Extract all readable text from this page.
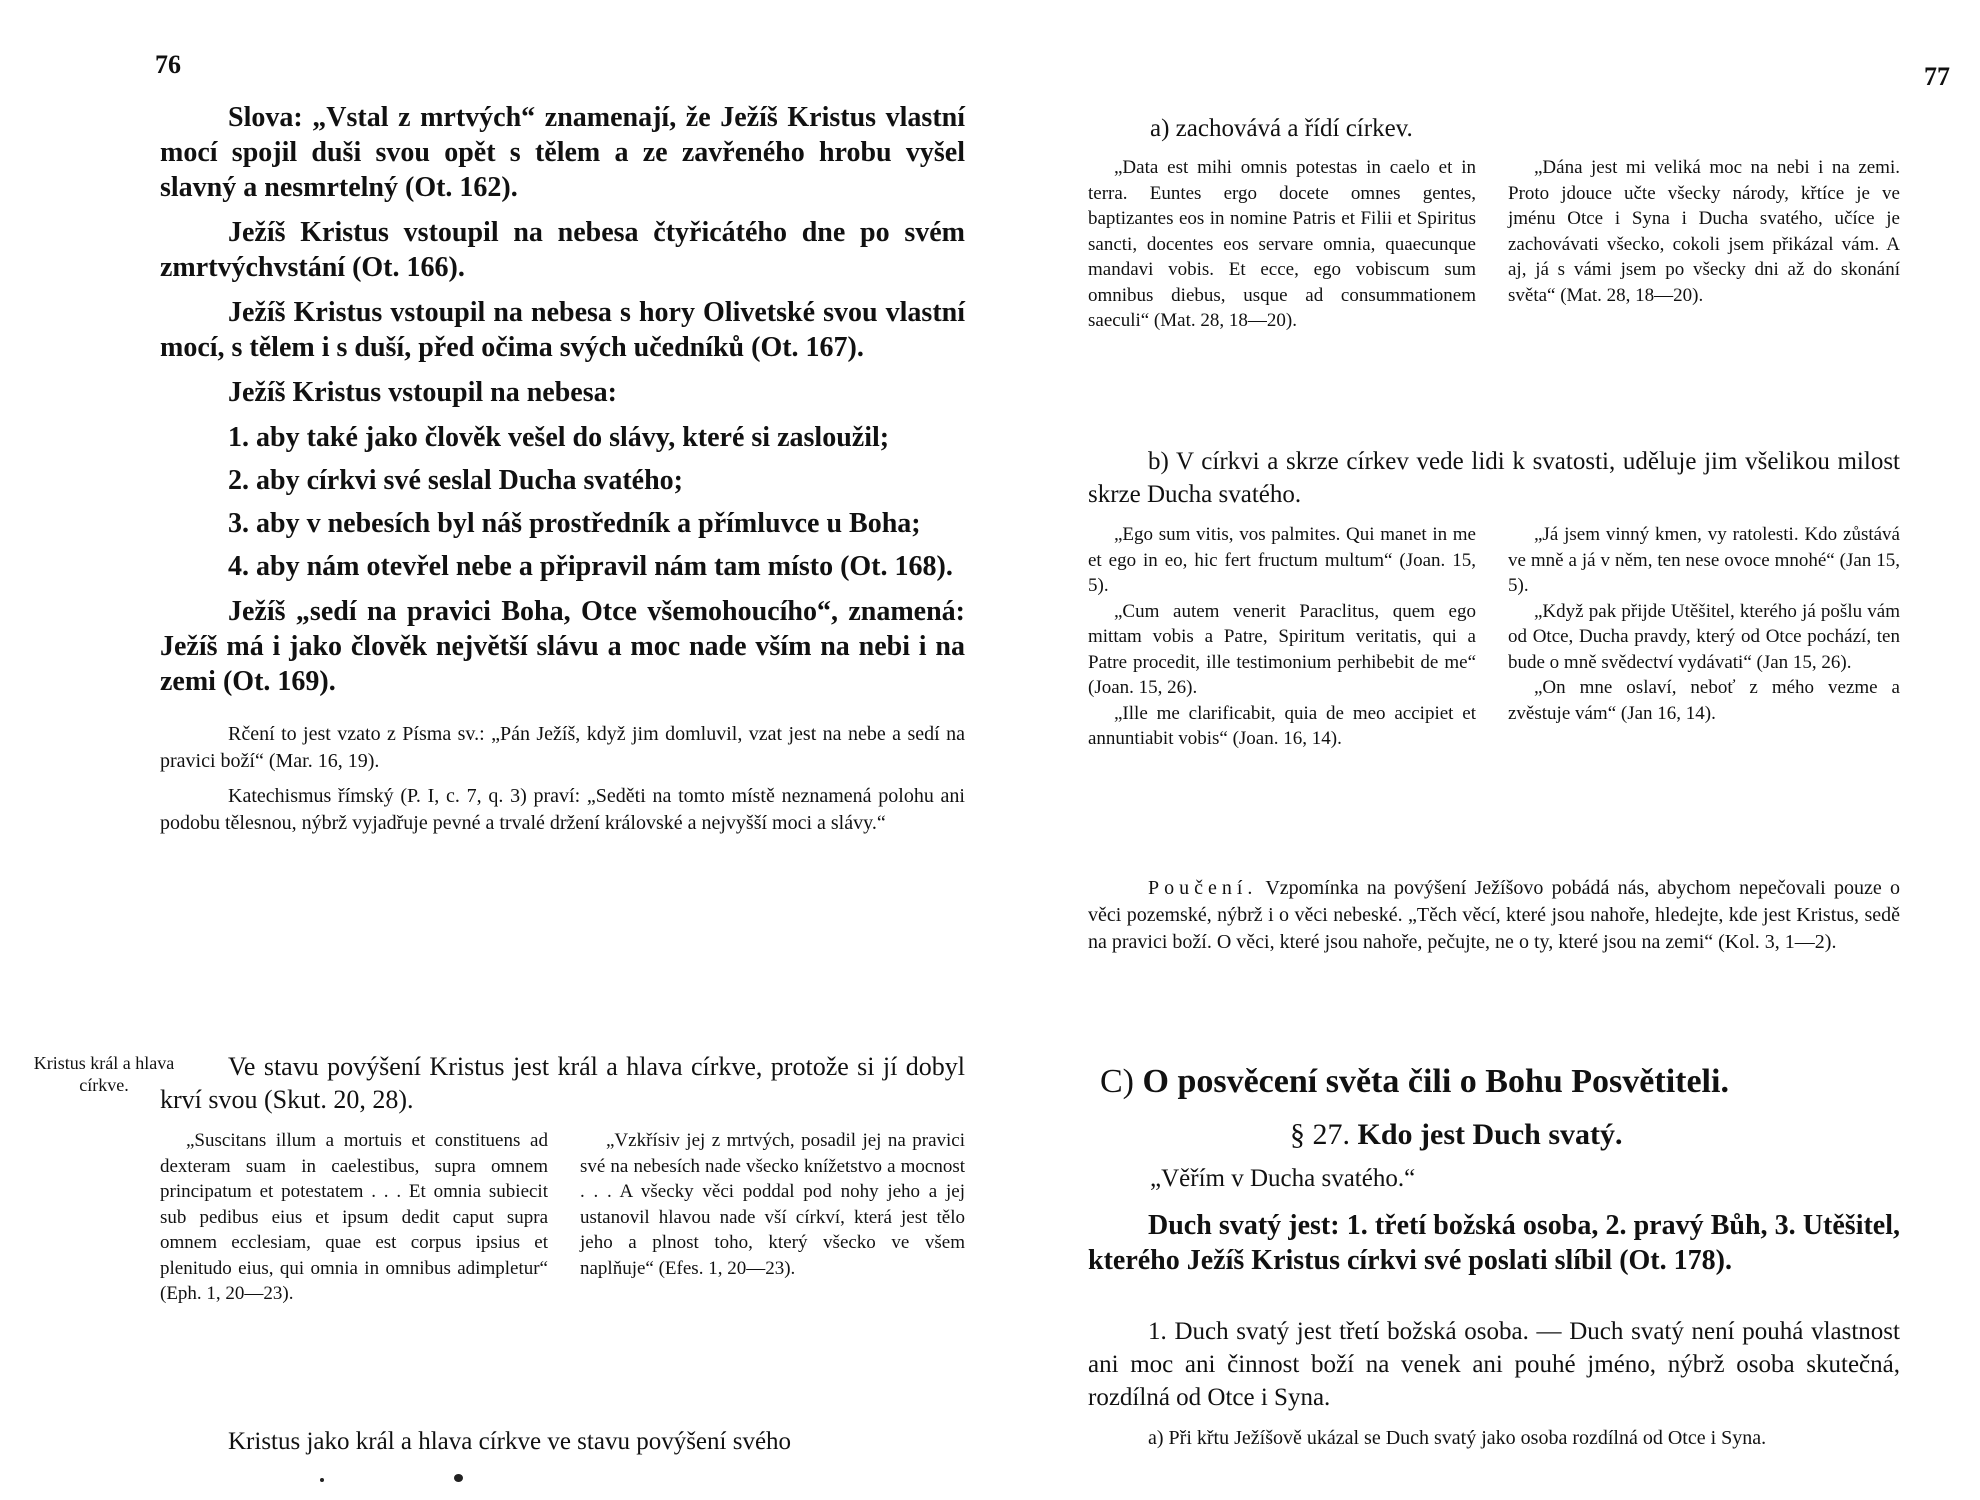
76

Slova: „Vstal z mrtvých“ znamenají, že Ježíš Kristus vlastní mocí spojil duši svou opět s tělem a ze zavřeného hrobu vyšel slavný a nesmrtelný (Ot. 162).

Ježíš Kristus vstoupil na nebesa čtyřicátého dne po svém zmrtvýchvstání (Ot. 166).

Ježíš Kristus vstoupil na nebesa s hory Olivetské svou vlastní mocí, s tělem i s duší, před očima svých učedníků (Ot. 167).

Ježíš Kristus vstoupil na nebesa:

1. aby také jako člověk vešel do slávy, které si zasloužil;

2. aby církvi své seslal Ducha svatého;

3. aby v nebesích byl náš prostředník a přímluvce u Boha;

4. aby nám otevřel nebe a připravil nám tam místo (Ot. 168).

Ježíš „sedí na pravici Boha, Otce všemohoucího“, znamená: Ježíš má i jako člověk největší slávu a moc nade vším na nebi i na zemi (Ot. 169).

Rčení to jest vzato z Písma sv.: „Pán Ježíš, když jim domluvil, vzat jest na nebe a sedí na pravici boží“ (Mar. 16, 19).

Katechismus římský (P. I, c. 7, q. 3) praví: „Seděti na tomto místě neznamená polohu ani podobu tělesnou, nýbrž vyjadřuje pevné a trvalé držení královské a nejvyšší moci a slávy.“

Kristus král a hlava církve.
Ve stavu povýšení Kristus jest král a hlava církve, protože si jí dobyl krví svou (Skut. 20, 28).

„Suscitans illum a mortuis et constituens ad dexteram suam in caelestibus, supra omnem principatum et potestatem . . . Et omnia subiecit sub pedibus eius et ipsum dedit caput supra omnem ecclesiam, quae est corpus ipsius et plenitudo eius, qui omnia in omnibus adimpletur“ (Eph. 1, 20—23).

„Vzkřísiv jej z mrtvých, posadil jej na pravici své na nebesích nade všecko knížetstvo a mocnost . . . A všecky věci poddal pod nohy jeho a jej ustanovil hlavou nade vší církví, která jest tělo jeho a plnost toho, který všecko ve všem naplňuje“ (Efes. 1, 20—23).

Kristus jako král a hlava církve ve stavu povýšení svého
77
a) zachovává a řídí církev.

„Data est mihi omnis potestas in caelo et in terra. Euntes ergo docete omnes gentes, baptizantes eos in nomine Patris et Filii et Spiritus sancti, docentes eos servare omnia, quaecunque mandavi vobis. Et ecce, ego vobiscum sum omnibus diebus, usque ad consummationem saeculi“ (Mat. 28, 18—20).

„Dána jest mi veliká moc na nebi i na zemi. Proto jdouce učte všecky národy, křtíce je ve jménu Otce i Syna i Ducha svatého, učíce je zachovávati všecko, cokoli jsem přikázal vám. A aj, já s vámi jsem po všecky dni až do skonání světa“ (Mat. 28, 18—20).

b) V církvi a skrze církev vede lidi k svatosti, uděluje jim všelikou milost skrze Ducha svatého.

„Ego sum vitis, vos palmites. Qui manet in me et ego in eo, hic fert fructum multum“ (Joan. 15, 5).

„Cum autem venerit Paraclitus, quem ego mittam vobis a Patre, Spiritum veritatis, qui a Patre procedit, ille testimonium perhibebit de me“ (Joan. 15, 26).

„Ille me clarificabit, quia de meo accipiet et annuntiabit vobis“ (Joan. 16, 14).

„Já jsem vinný kmen, vy ratolesti. Kdo zůstává ve mně a já v něm, ten nese ovoce mnohé“ (Jan 15, 5).

„Když pak přijde Utěšitel, kterého já pošlu vám od Otce, Ducha pravdy, který od Otce pochází, ten bude o mně svědectví vydávati“ (Jan 15, 26).

„On mne oslaví, neboť z mého vezme a zvěstuje vám“ (Jan 16, 14).

Poučení. Vzpomínka na povýšení Ježíšovo pobádá nás, abychom nepečovali pouze o věci pozemské, nýbrž i o věci nebeské. „Těch věcí, které jsou nahoře, hledejte, kde jest Kristus, sedě na pravici boží. O věci, které jsou nahoře, pečujte, ne o ty, které jsou na zemi“ (Kol. 3, 1—2).
C) O posvěcení světa čili o Bohu Posvětiteli.
§ 27. Kdo jest Duch svatý.
„Věřím v Ducha svatého.“
Duch svatý jest: 1. třetí božská osoba, 2. pravý Bůh, 3. Utěšitel, kterého Ježíš Kristus církvi své poslati slíbil (Ot. 178).
1. Duch svatý jest třetí božská osoba. — Duch svatý není pouhá vlastnost ani moc ani činnost boží na venek ani pouhé jméno, nýbrž osoba skutečná, rozdílná od Otce i Syna.
a) Při křtu Ježíšově ukázal se Duch svatý jako osoba rozdílná od Otce i Syna.
